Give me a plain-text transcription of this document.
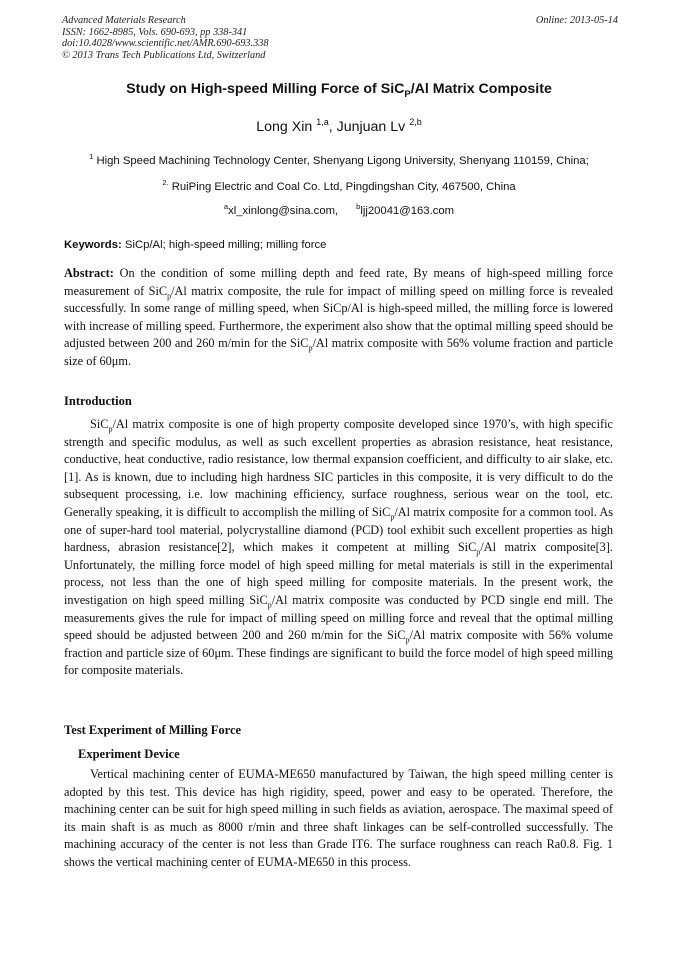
Advanced Materials Research
ISSN: 1662-8985, Vols. 690-693, pp 338-341
doi:10.4028/www.scientific.net/AMR.690-693.338
© 2013 Trans Tech Publications Ltd, Switzerland
Online: 2013-05-14
Study on High-speed Milling Force of SiC$_P$/Al Matrix Composite
Long Xin $^{1,a}$, Junjuan Lv $^{2,b}$
$^1$ High Speed Machining Technology Center, Shenyang Ligong University, Shenyang 110159, China;
$^{2.}$ RuiPing Electric and Coal Co. Ltd, Pingdingshan City, 467500, China
$^a$xl_xinlong@sina.com, $^b$ljj20041@163.com
Keywords: SiCp/Al; high-speed milling; milling force
Abstract: On the condition of some milling depth and feed rate, By means of high-speed milling force measurement of SiC$_p$/Al matrix composite, the rule for impact of milling speed on milling force is revealed successfully. In some range of milling speed, when SiCp/Al is high-speed milled, the milling force is lowered with increase of milling speed. Furthermore, the experiment also show that the optimal milling speed should be adjusted between 200 and 260 m/min for the SiC$_p$/Al matrix composite with 56% volume fraction and particle size of 60μm.
Introduction
SiC$_p$/Al matrix composite is one of high property composite developed since 1970’s, with high specific strength and specific modulus, as well as such excellent properties as abrasion resistance, heat resistance, conductive, heat conductive, radio resistance, low thermal expansion coefficient, and difficulty to air slake, etc.[1]. As is known, due to including high hardness SIC particles in this composite, it is very difficult to do the subsequent processing, i.e. low machining efficiency, surface roughness, serious wear on the tool, etc. Generally speaking, it is difficult to accomplish the milling of SiC$_p$/Al matrix composite for a common tool. As one of super-hard tool material, polycrystalline diamond (PCD) tool exhibit such excellent properties as high hardness, abrasion resistance[2], which makes it competent at milling SiC$_p$/Al matrix composite[3]. Unfortunately, the milling force model of high speed milling for metal materials is still in the experimental process, not less than the one of high speed milling for composite materials. In the present work, the investigation on high speed milling SiC$_p$/Al matrix composite was conducted by PCD single end mill. The measurements gives the rule for impact of milling speed on milling force and reveal that the optimal milling speed should be adjusted between 200 and 260 m/min for the SiC$_p$/Al matrix composite with 56% volume fraction and particle size of 60μm. These findings are significant to build the force model of high speed milling for composite materials.
Test Experiment of Milling Force
Experiment Device
Vertical machining center of EUMA-ME650 manufactured by Taiwan, the high speed milling center is adopted by this test. This device has high rigidity, speed, power and easy to be operated. Therefore, the machining center can be suit for high speed milling in such fields as aviation, aerospace. The maximal speed of its main shaft is as much as 8000 r/min and three shaft linkages can be self-controlled successfully. The machining accuracy of the center is not less than Grade IT6. The surface roughness can reach Ra0.8. Fig. 1 shows the vertical machining center of EUMA-ME650 in this process.
